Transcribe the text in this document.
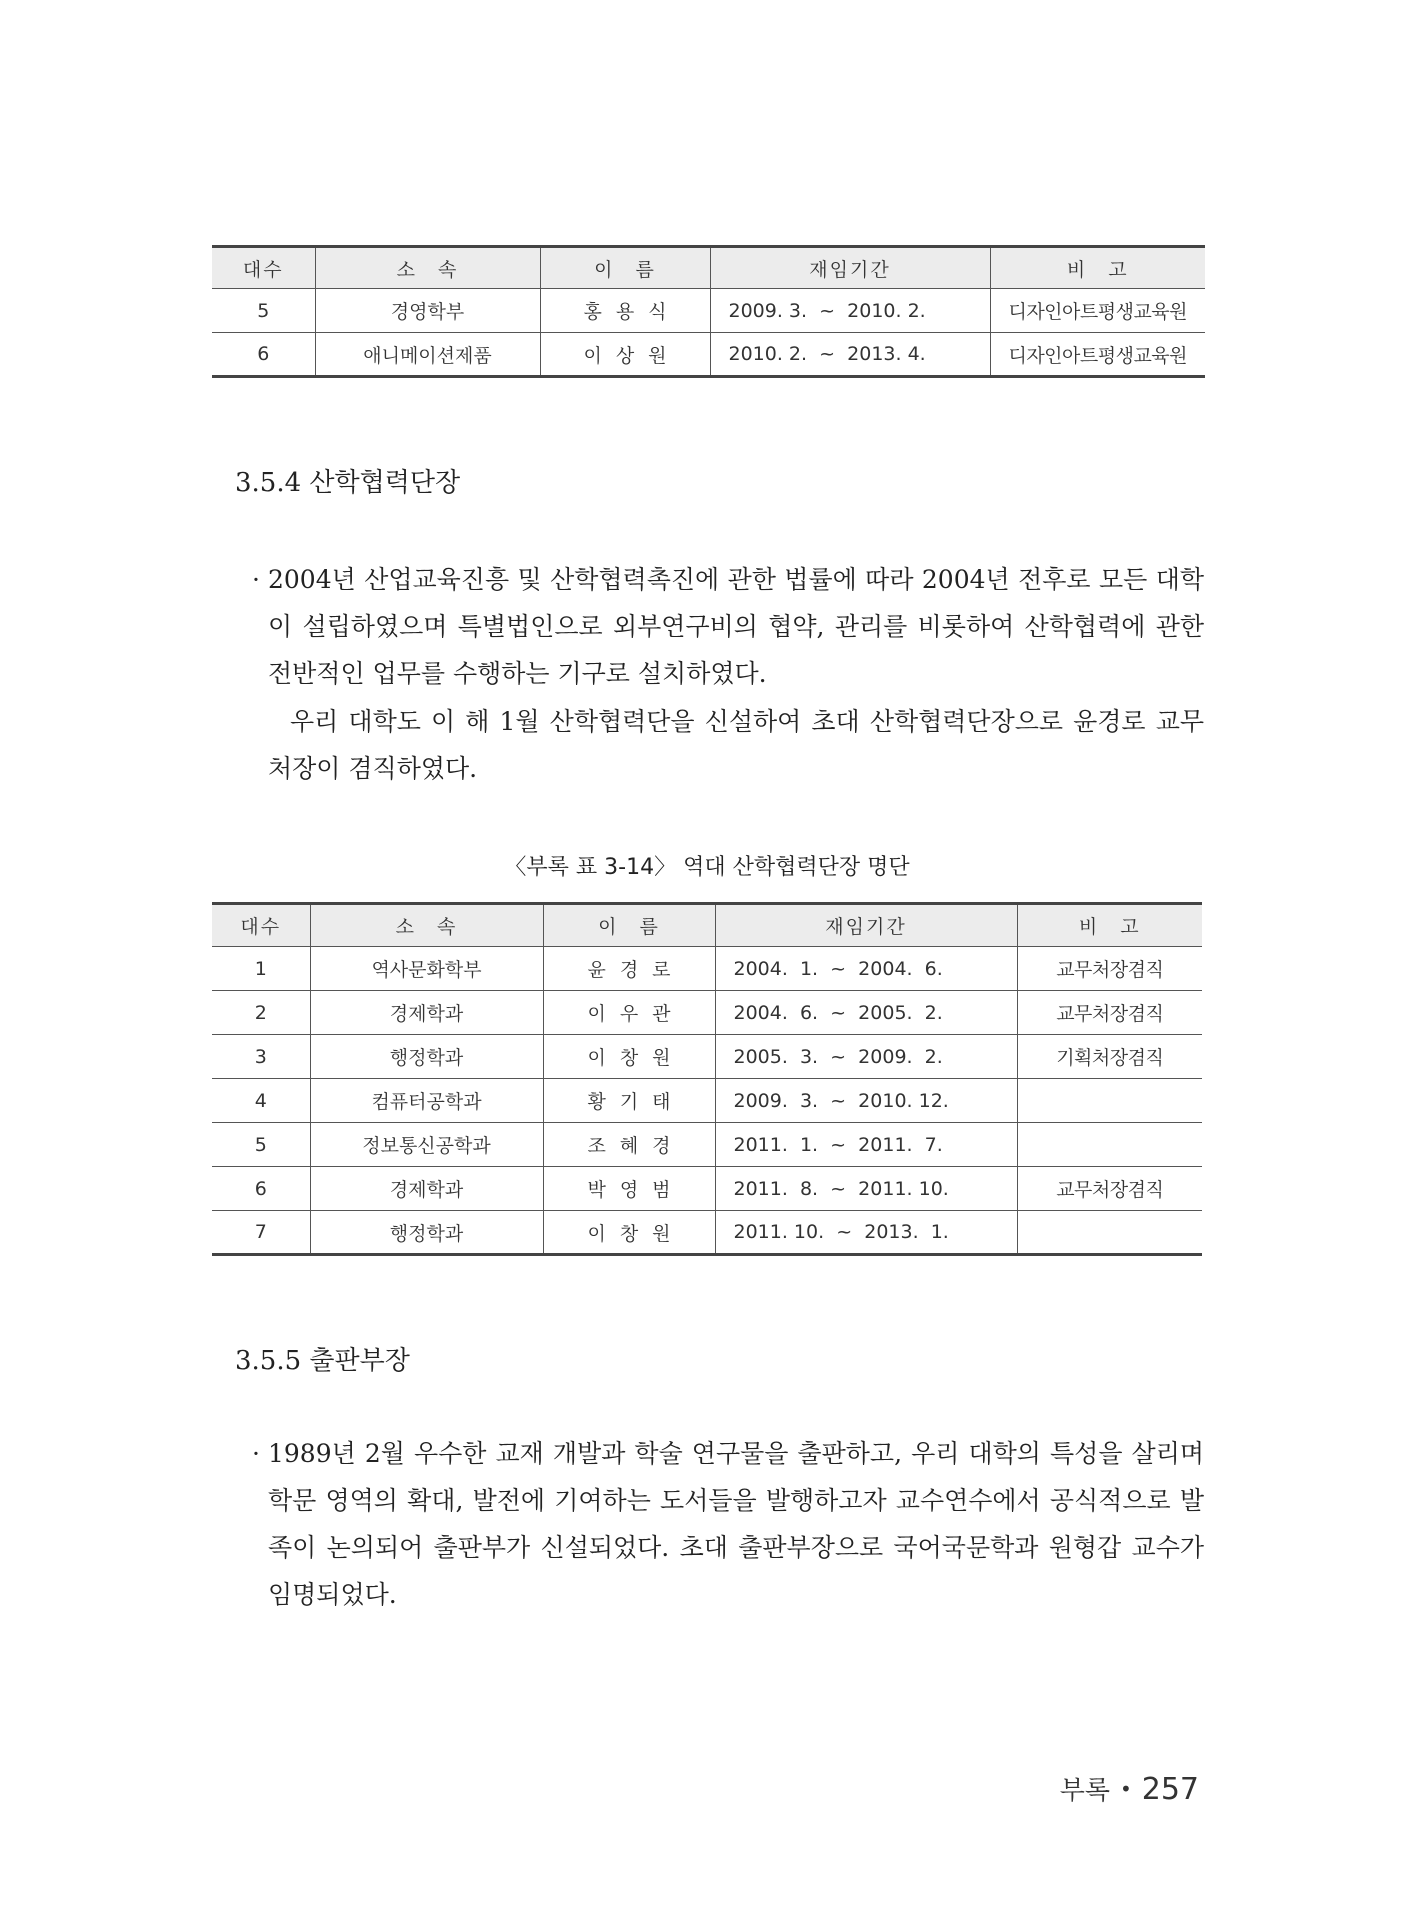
대수	소　속	이　름	재임기간	비　고
5	경영학부	홍용식	2009. 3.  ~  2010. 2.	디자인아트평생교육원
6	애니메이션제품	이상원	2010. 2.  ~  2013. 4.	디자인아트평생교육원
3.5.4 산학협력단장

· 2004년 산업교육진흥 및 산학협력촉진에 관한 법률에 따라 2004년 전후로 모든 대학이 설립하였으며 특별법인으로 외부연구비의 협약, 관리를 비롯하여 산학협력에 관한 전반적인 업무를 수행하는 기구로 설치하였다.

우리 대학도 이 해 1월 산학협력단을 신설하여 초대 산학협력단장으로 윤경로 교무처장이 겸직하였다.

〈부록 표 3-14〉 역대 산학협력단장 명단
대수	소　속	이　름	재임기간	비　고
1	역사문화학부	윤경로	2004.  1.  ~  2004.  6.	교무처장겸직
2	경제학과	이우관	2004.  6.  ~  2005.  2.	교무처장겸직
3	행정학과	이창원	2005.  3.  ~  2009.  2.	기획처장겸직
4	컴퓨터공학과	황기태	2009.  3.  ~  2010. 12.	
5	정보통신공학과	조혜경	2011.  1.  ~  2011.  7.	
6	경제학과	박영범	2011.  8.  ~  2011. 10.	교무처장겸직
7	행정학과	이창원	2011. 10.  ~  2013.  1.	
3.5.5 출판부장

· 1989년 2월 우수한 교재 개발과 학술 연구물을 출판하고, 우리 대학의 특성을 살리며 학문 영역의 확대, 발전에 기여하는 도서들을 발행하고자 교수연수에서 공식적으로 발족이 논의되어 출판부가 신설되었다. 초대 출판부장으로 국어국문학과 원형갑 교수가 임명되었다.

부록 • 257
